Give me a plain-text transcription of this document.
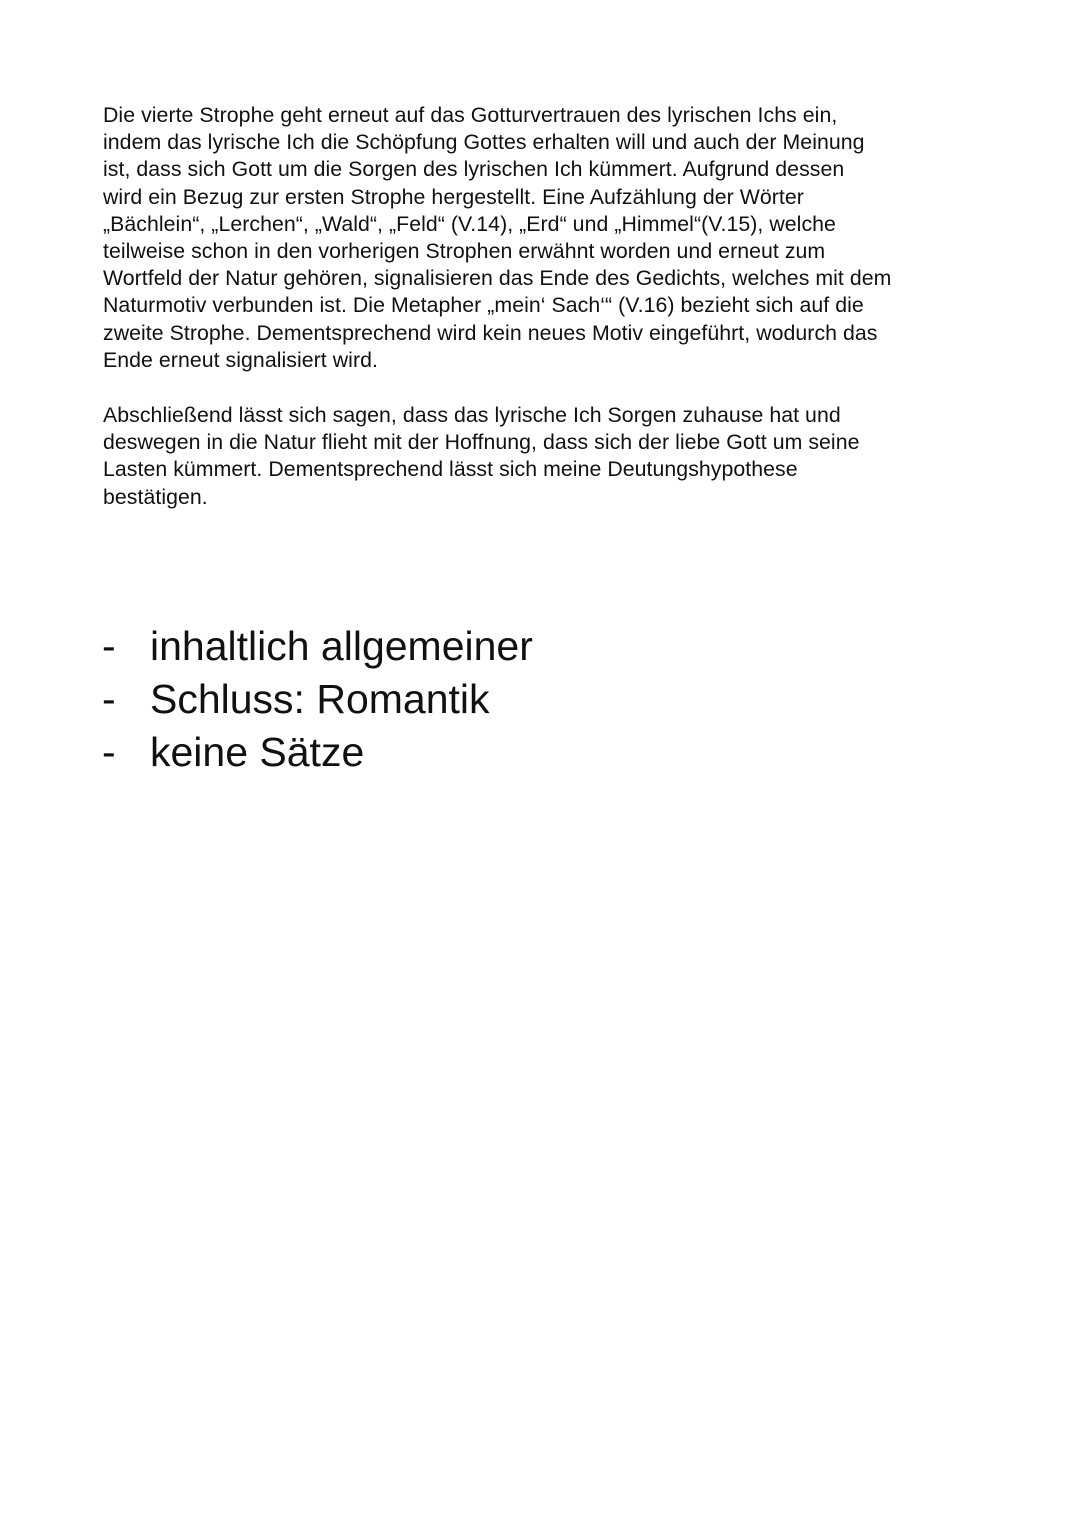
Die vierte Strophe geht erneut auf das Gotturvertrauen des lyrischen Ichs ein,
indem das lyrische Ich die Schöpfung Gottes erhalten will und auch der Meinung
ist, dass sich Gott um die Sorgen des lyrischen Ich kümmert. Aufgrund dessen
wird ein Bezug zur ersten Strophe hergestellt. Eine Aufzählung der Wörter
„Bächlein“, „Lerchen“, „Wald“, „Feld“ (V.14), „Erd“ und „Himmel“(V.15), welche
teilweise schon in den vorherigen Strophen erwähnt worden und erneut zum
Wortfeld der Natur gehören, signalisieren das Ende des Gedichts, welches mit dem
Naturmotiv verbunden ist. Die Metapher „mein‘ Sach‘“ (V.16) bezieht sich auf die
zweite Strophe. Dementsprechend wird kein neues Motiv eingeführt, wodurch das
Ende erneut signalisiert wird.

Abschließend lässt sich sagen, dass das lyrische Ich Sorgen zuhause hat und
deswegen in die Natur flieht mit der Hoffnung, dass sich der liebe Gott um seine
Lasten kümmert. Dementsprechend lässt sich meine Deutungshypothese
bestätigen.

- inhaltlich allgemeiner
- Schluss: Romantik
- keine Sätze
